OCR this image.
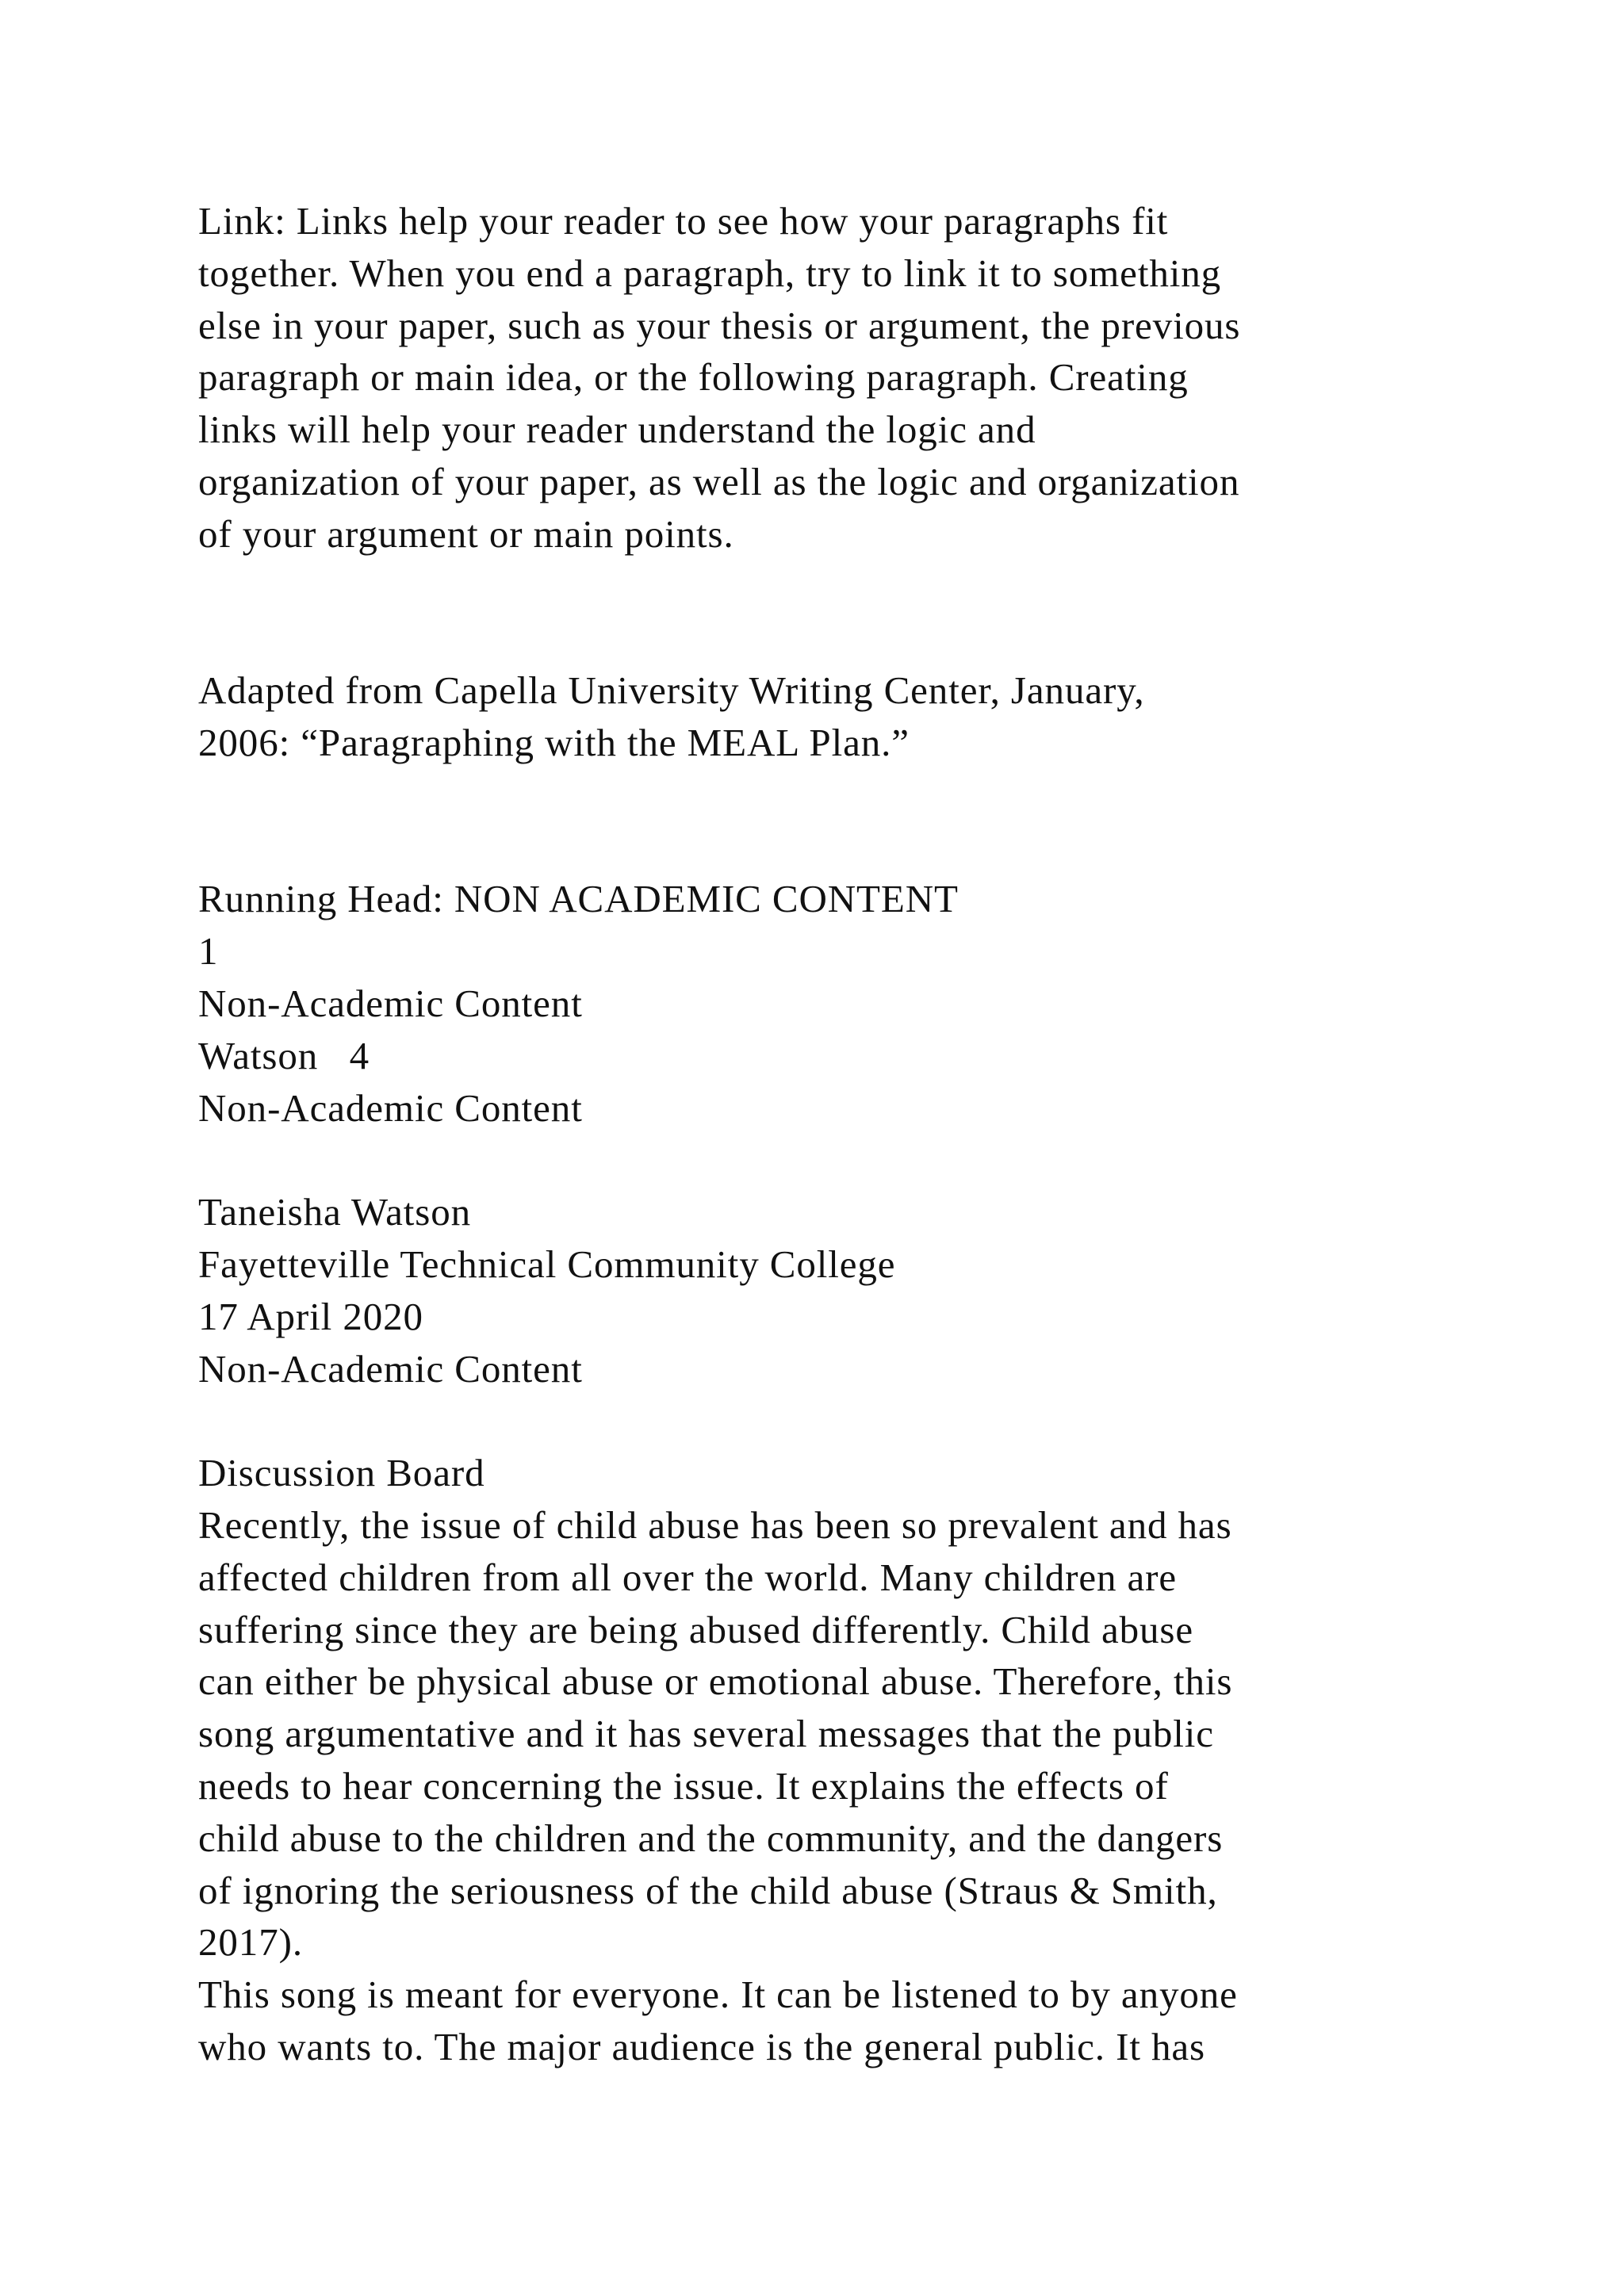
Link: Links help your reader to see how your paragraphs fit
together. When you end a paragraph, try to link it to something
else in your paper, such as your thesis or argument, the previous
paragraph or main idea, or the following paragraph. Creating
links will help your reader understand the logic and
organization of your paper, as well as the logic and organization
of your argument or main points.
Adapted from Capella University Writing Center, January,
2006: “Paragraphing with the MEAL Plan.”
Running Head: NON ACADEMIC CONTENT
1
Non-Academic Content
Watson   4
Non-Academic Content
Taneisha Watson
Fayetteville Technical Community College
17 April 2020
Non-Academic Content
Discussion Board
Recently, the issue of child abuse has been so prevalent and has
affected children from all over the world. Many children are
suffering since they are being abused differently. Child abuse
can either be physical abuse or emotional abuse. Therefore, this
song argumentative and it has several messages that the public
needs to hear concerning the issue. It explains the effects of
child abuse to the children and the community, and the dangers
of ignoring the seriousness of the child abuse (Straus & Smith,
2017).
This song is meant for everyone. It can be listened to by anyone
who wants to. The major audience is the general public. It has
